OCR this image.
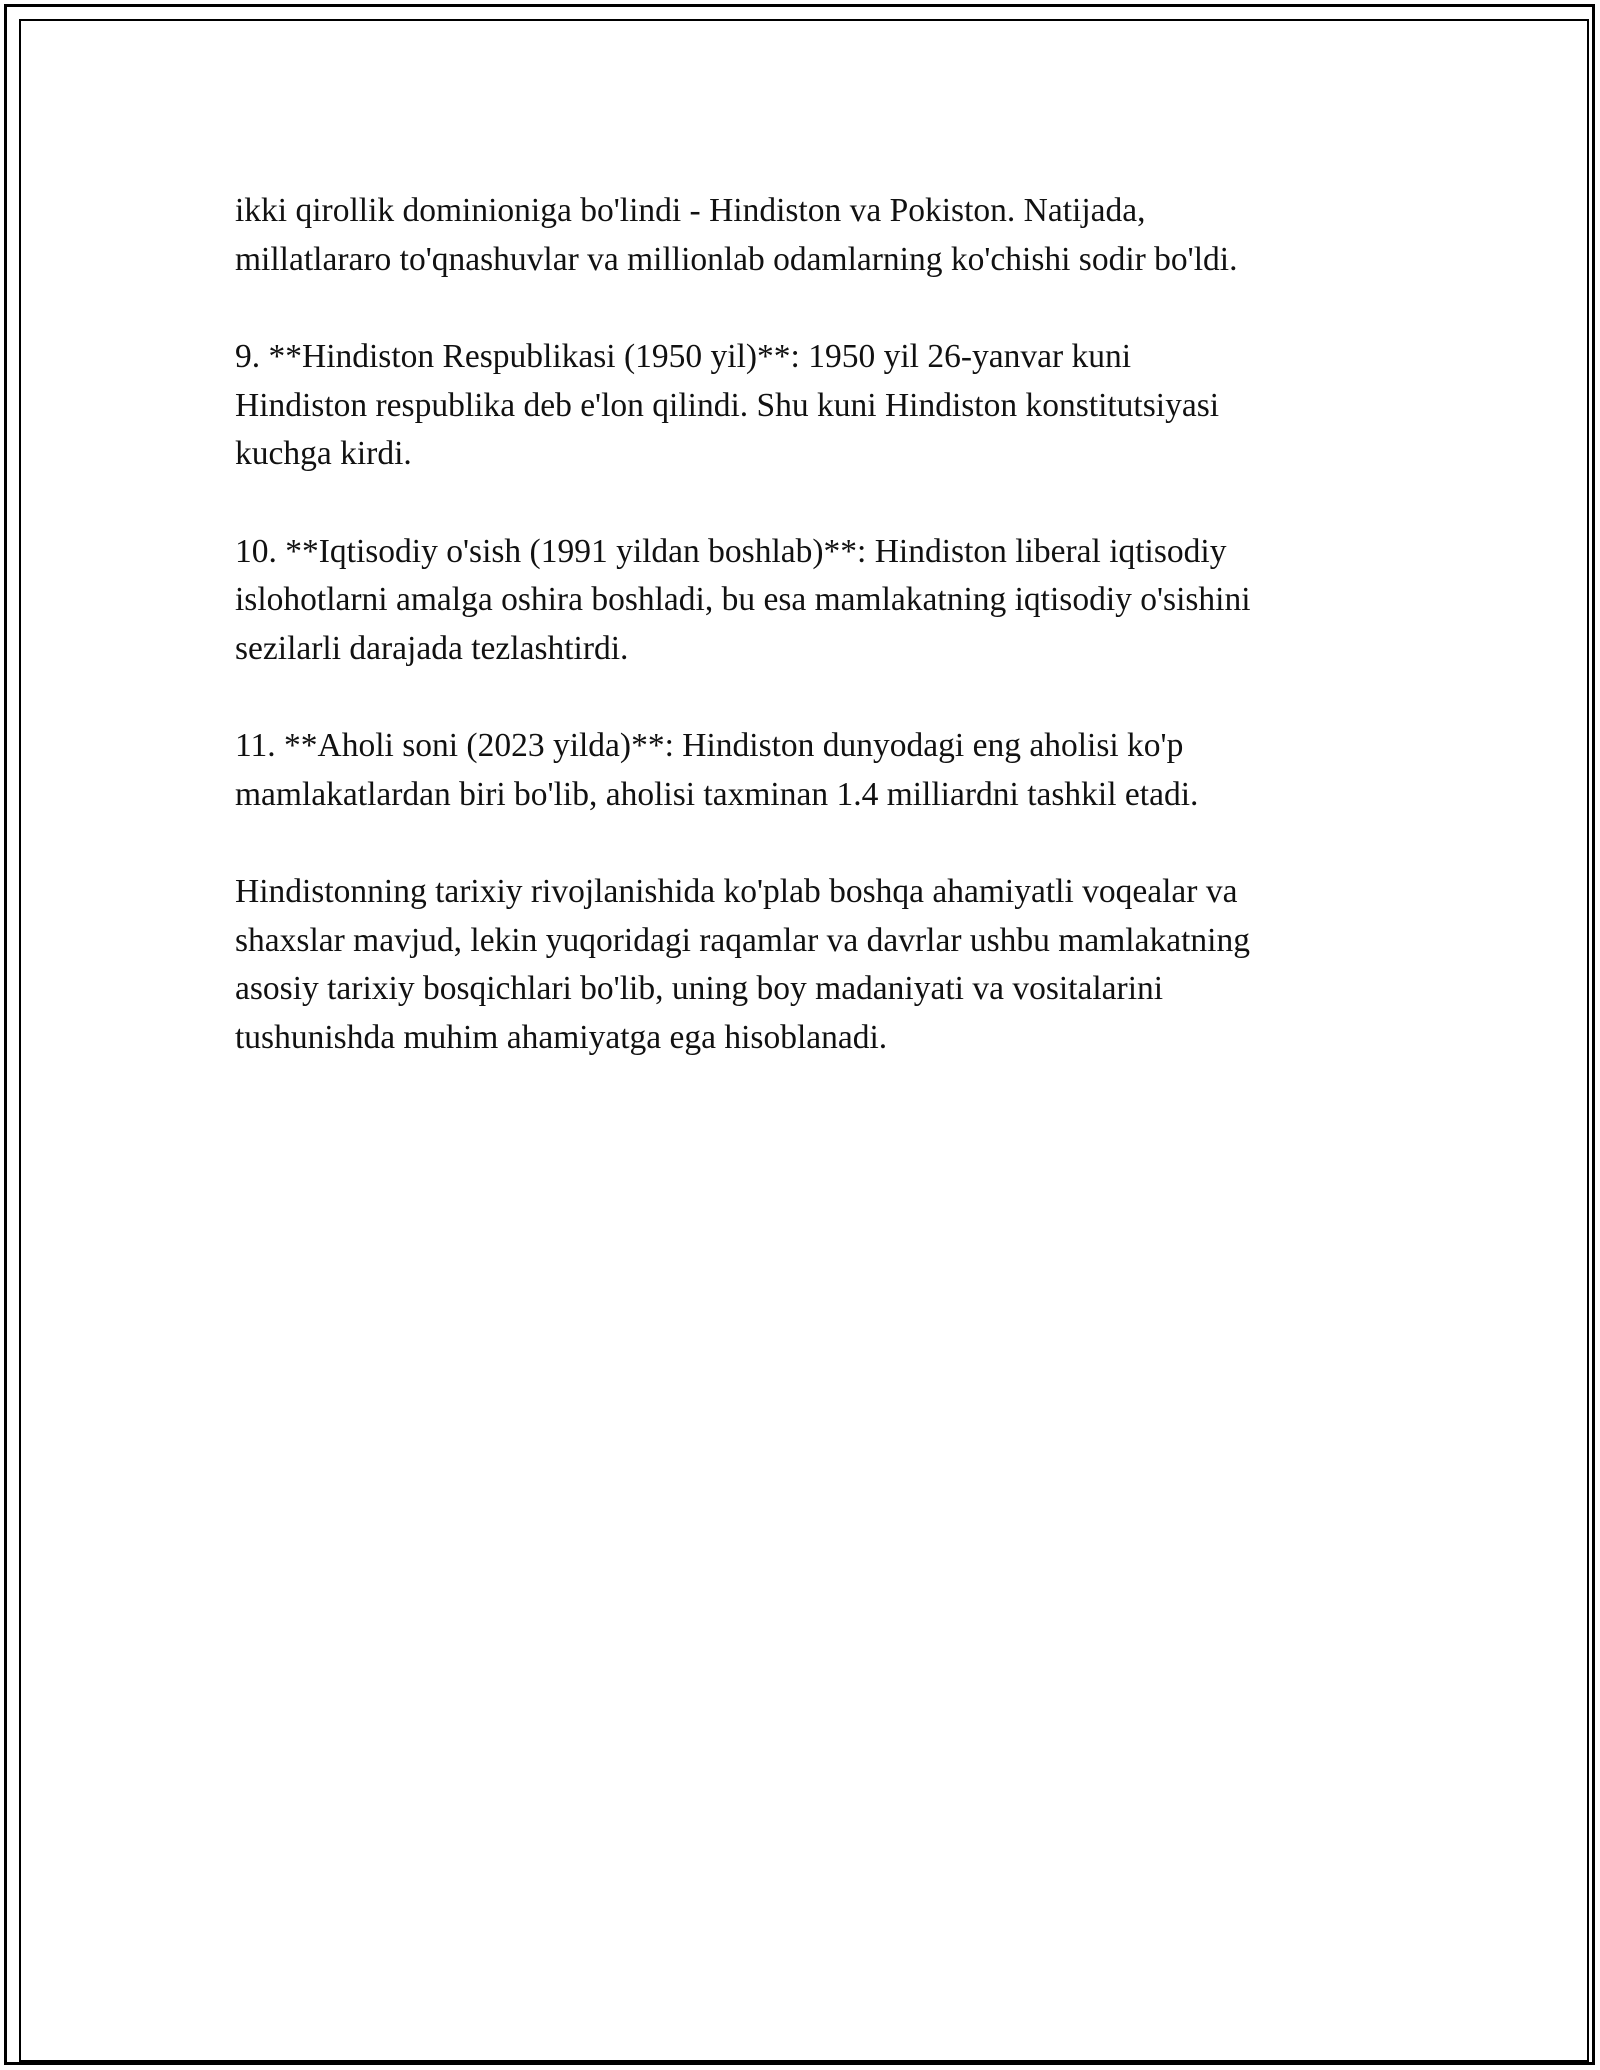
ikki qirollik dominioniga bo'lindi - Hindiston va Pokiston. Natijada,
millatlararo to'qnashuvlar va millionlab odamlarning ko'chishi sodir bo'ldi.

9. **Hindiston Respublikasi (1950 yil)**: 1950 yil 26-yanvar kuni
Hindiston respublika deb e'lon qilindi. Shu kuni Hindiston konstitutsiyasi
kuchga kirdi.

10. **Iqtisodiy o'sish (1991 yildan boshlab)**: Hindiston liberal iqtisodiy
islohotlarni amalga oshira boshladi, bu esa mamlakatning iqtisodiy o'sishini
sezilarli darajada tezlashtirdi.

11. **Aholi soni (2023 yilda)**: Hindiston dunyodagi eng aholisi ko'p
mamlakatlardan biri bo'lib, aholisi taxminan 1.4 milliardni tashkil etadi.

Hindistonning tarixiy rivojlanishida ko'plab boshqa ahamiyatli voqealar va
shaxslar mavjud, lekin yuqoridagi raqamlar va davrlar ushbu mamlakatning
asosiy tarixiy bosqichlari bo'lib, uning boy madaniyati va vositalarini
tushunishda muhim ahamiyatga ega hisoblanadi.
